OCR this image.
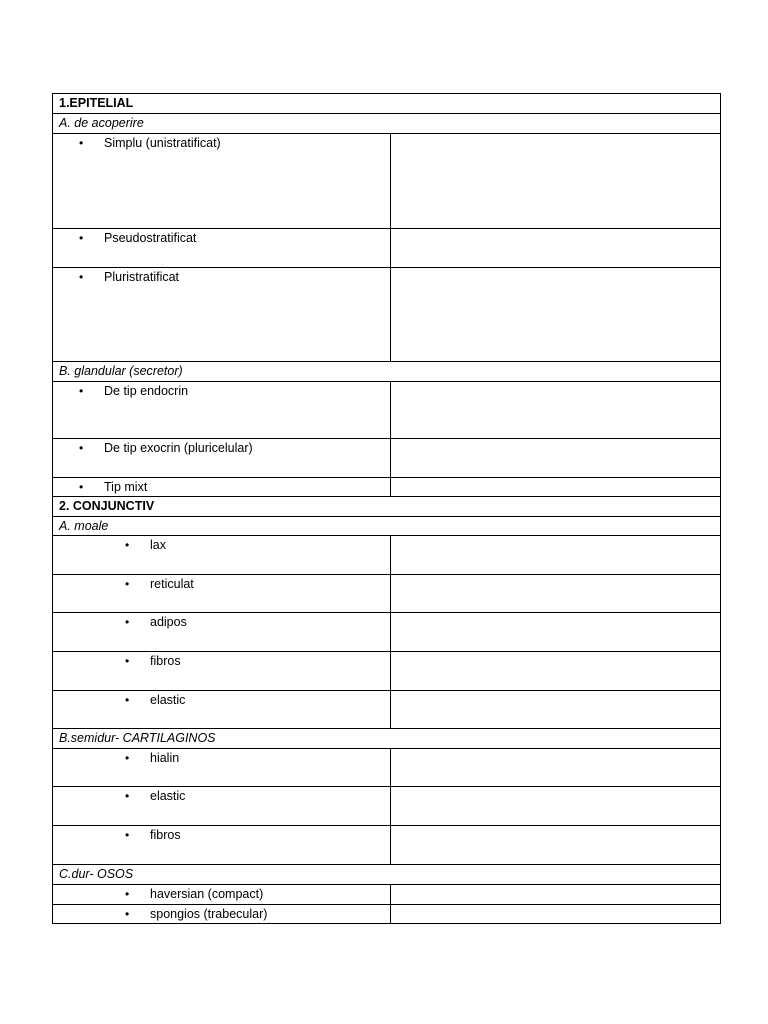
1.EPITELIAL	
A. de acoperire	

• Simplu (unistratificat)	

• Pseudostratificat	

• Pluristratificat	

B. glandular (secretor)	

• De tip endocrin	

• De tip exocrin (pluricelular)	

• Tip mixt	

2. CONJUNCTIV	
A. moale	

• lax	

• reticulat	

• adipos	

• fibros	

• elastic	

B.semidur- CARTILAGINOS	

• hialin	

• elastic	

• fibros	

C.dur- OSOS	

• haversian (compact)	

• spongios (trabecular)	
